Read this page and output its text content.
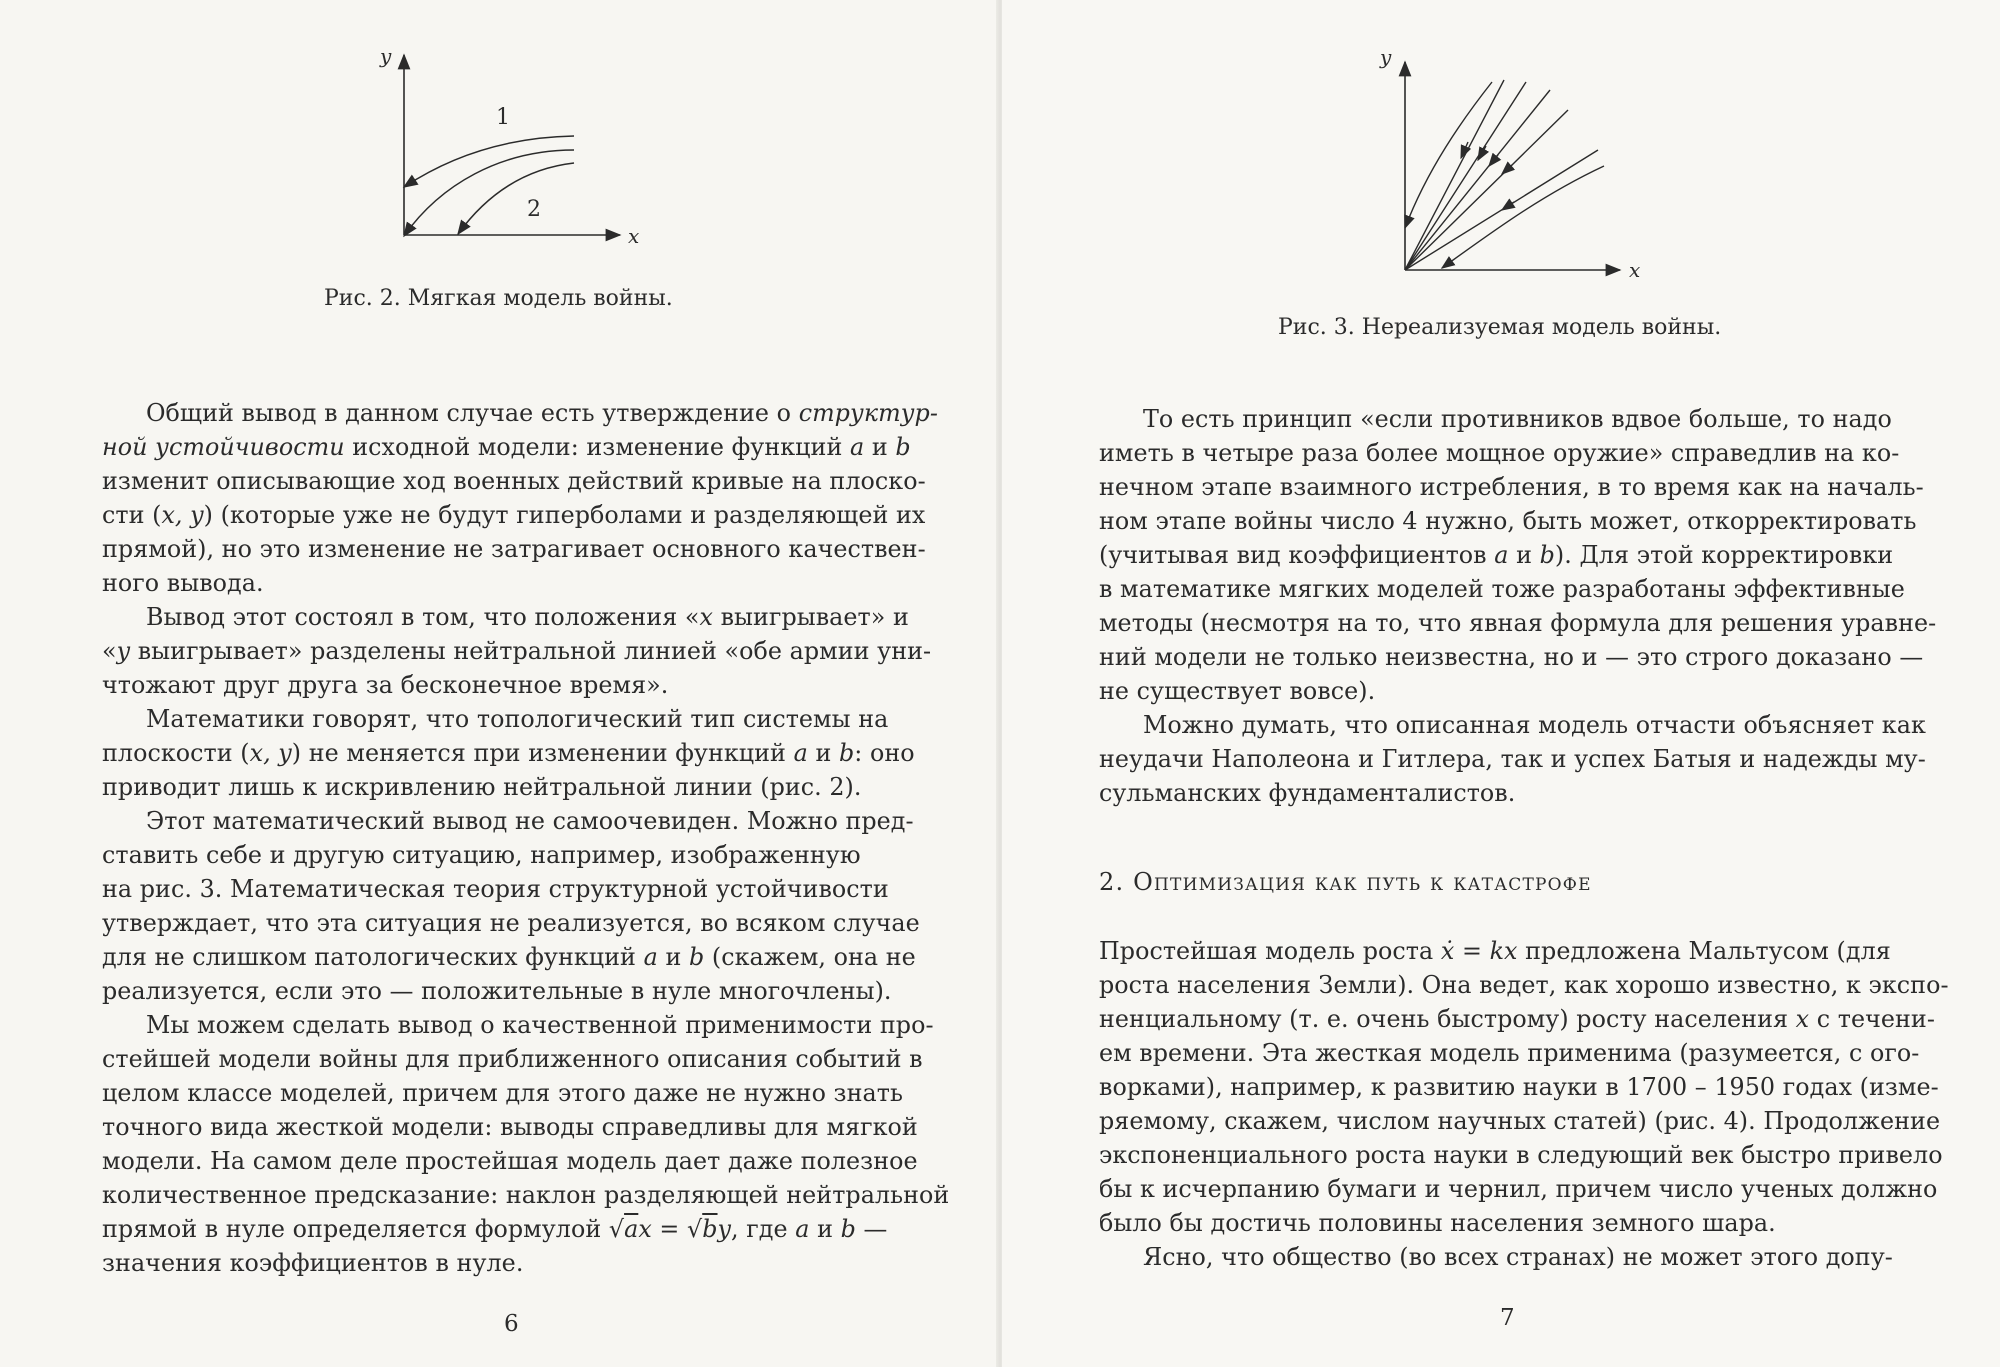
y
x
1
2

Рис. 2. Мягкая модель войны.

Общий вывод в данном случае есть утверждение о структур-

ной устойчивости исходной модели: изменение функций a и b

изменит описывающие ход военных действий кривые на плоско-

сти (x, y) (которые уже не будут гиперболами и разделяющей их

прямой), но это изменение не затрагивает основного качествен-

ного вывода.

Вывод этот состоял в том, что положения «x выигрывает» и

«y выигрывает» разделены нейтральной линией «обе армии уни-

чтожают друг друга за бесконечное время».

Математики говорят, что топологический тип системы на

плоскости (x, y) не меняется при изменении функций a и b: оно

приводит лишь к искривлению нейтральной линии (рис. 2).

Этот математический вывод не самоочевиден. Можно пред-

ставить себе и другую ситуацию, например, изображенную

на рис. 3. Математическая теория структурной устойчивости

утверждает, что эта ситуация не реализуется, во всяком случае

для не слишком патологических функций a и b (скажем, она не

реализуется, если это — положительные в нуле многочлены).

Мы можем сделать вывод о качественной применимости про-

стейшей модели войны для приближенного описания событий в

целом классе моделей, причем для этого даже не нужно знать

точного вида жесткой модели: выводы справедливы для мягкой

модели. На самом деле простейшая модель дает даже полезное

количественное предсказание: наклон разделяющей нейтральной

прямой в нуле определяется формулой √ax = √by, где a и b —

значения коэффициентов в нуле.

6

y
x

Рис. 3. Нереализуемая модель войны.

То есть принцип «если противников вдвое больше, то надо

иметь в четыре раза более мощное оружие» справедлив на ко-

нечном этапе взаимного истребления, в то время как на началь-

ном этапе войны число 4 нужно, быть может, откорректировать

(учитывая вид коэффициентов a и b). Для этой корректировки

в математике мягких моделей тоже разработаны эффективные

методы (несмотря на то, что явная формула для решения уравне-

ний модели не только неизвестна, но и — это строго доказано —

не существует вовсе).

Можно думать, что описанная модель отчасти объясняет как

неудачи Наполеона и Гитлера, так и успех Батыя и надежды му-

сульманских фундаменталистов.

2. Оптимизация как путь к катастрофе

Простейшая модель роста ẋ = kx предложена Мальтусом (для

роста населения Земли). Она ведет, как хорошо известно, к экспо-

ненциальному (т. е. очень быстрому) росту населения x с течени-

ем времени. Эта жесткая модель применима (разумеется, с ого-

ворками), например, к развитию науки в 1700 – 1950 годах (изме-

ряемому, скажем, числом научных статей) (рис. 4). Продолжение

экспоненциального роста науки в следующий век быстро привело

бы к исчерпанию бумаги и чернил, причем число ученых должно

было бы достичь половины населения земного шара.

Ясно, что общество (во всех странах) не может этого допу-

7
